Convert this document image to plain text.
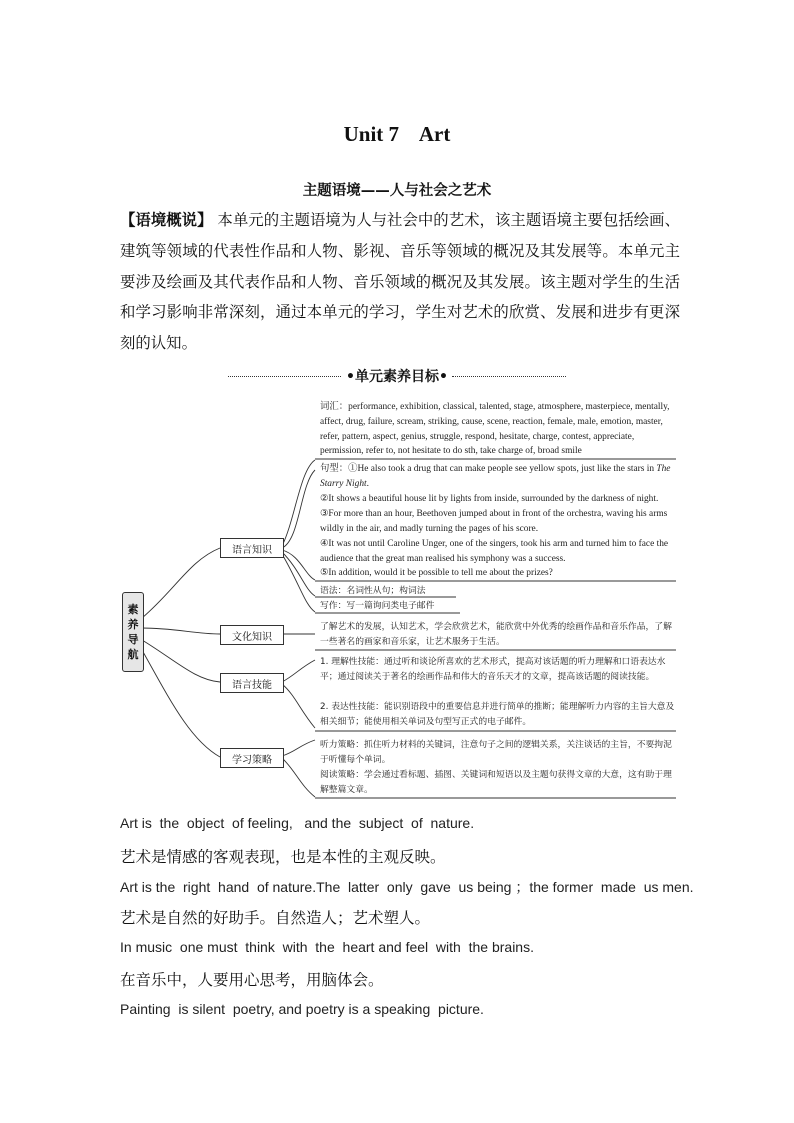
Unit 7    Art
主题语境——人与社会之艺术
【语境概说】 本单元的主题语境为人与社会中的艺术，该主题语境主要包括绘画、建筑等领域的代表性作品和人物、影视、音乐等领域的概况及其发展等。本单元主要涉及绘画及其代表作品和人物、音乐领域的概况及其发展。该主题对学生的生活和学习影响非常深刻，通过本单元的学习，学生对艺术的欣赏、发展和进步有更深刻的认知。
•单元素养目标•
素
养
导
航
语言知识
文化知识
语言技能
学习策略
词汇：performance, exhibition, classical, talented, stage, atmosphere, masterpiece, mentally, affect, drug, failure, scream, striking, cause, scene, reaction, female, male, emotion, master, refer, pattern, aspect, genius, struggle, respond, hesitate, charge, contest, appreciate, permission, refer to, not hesitate to do sth, take charge of, broad smile
句型：①He also took a drug that can make people see yellow spots, just like the stars in The Starry Night.
②It shows a beautiful house lit by lights from inside, surrounded by the darkness of night.
③For more than an hour, Beethoven jumped about in front of the orchestra, waving his arms wildly in the air, and madly turning the pages of his score.
④It was not until Caroline Unger, one of the singers, took his arm and turned him to face the audience that the great man realised his symphony was a success.
⑤In addition, would it be possible to tell me about the prizes?
语法：名词性从句；构词法
写作：写一篇询问类电子邮件
了解艺术的发展，认知艺术，学会欣赏艺术，能欣赏中外优秀的绘画作品和音乐作品，了解一些著名的画家和音乐家，让艺术服务于生活。
1. 理解性技能：通过听和谈论所喜欢的艺术形式，提高对该话题的听力理解和口语表达水平；通过阅读关于著名的绘画作品和伟大的音乐天才的文章，提高该话题的阅读技能。
2. 表达性技能：能识别语段中的重要信息并进行简单的推断；能理解听力内容的主旨大意及相关细节；能使用相关单词及句型写正式的电子邮件。
听力策略：抓住听力材料的关键词，注意句子之间的逻辑关系，关注谈话的主旨，不要拘泥于听懂每个单词。
阅读策略：学会通过看标题、插图、关键词和短语以及主题句获得文章的大意，这有助于理解整篇文章。
Art is  the  object  of feeling,   and the  subject  of  nature.
艺术是情感的客观表现，也是本性的主观反映。
Art is the  right  hand  of nature.The  latter  only  gave  us being ；the former  made  us men.
艺术是自然的好助手。自然造人；艺术塑人。
In music  one must  think  with  the  heart and feel  with  the brains.
在音乐中，人要用心思考，用脑体会。
Painting  is silent  poetry, and poetry is a speaking  picture.
